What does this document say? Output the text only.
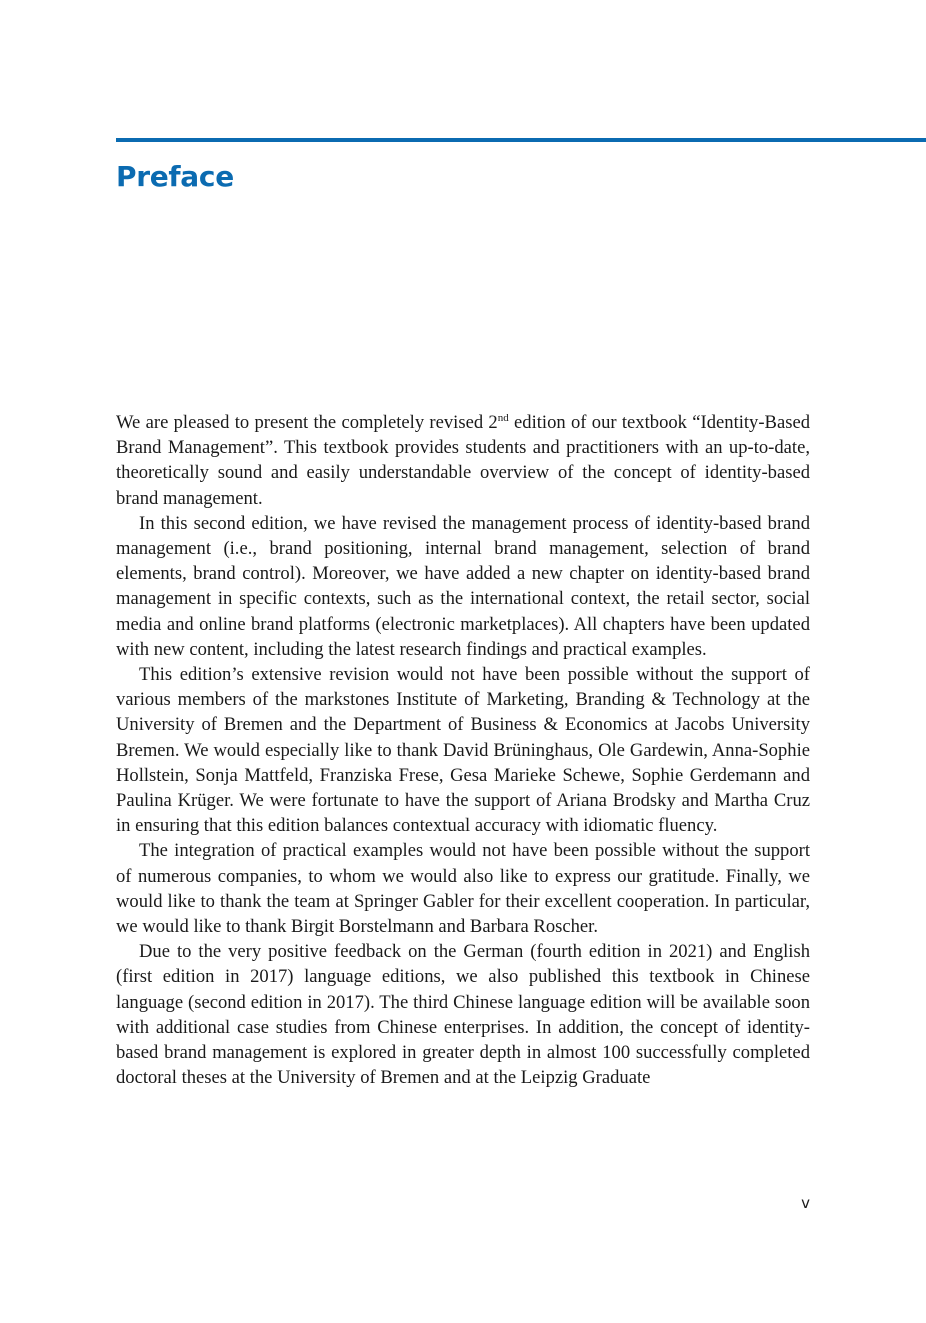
Preface

We are pleased to present the completely revised 2nd edition of our textbook “Identity-Based Brand Management”. This textbook provides students and practitioners with an up-to-date, theoretically sound and easily understandable overview of the concept of identity-based brand management.

In this second edition, we have revised the management process of identity-based brand management (i.e., brand positioning, internal brand management, selection of brand elements, brand control). Moreover, we have added a new chapter on identity-based brand management in specific contexts, such as the international context, the retail sector, social media and online brand platforms (electronic marketplaces). All chapters have been updated with new content, including the latest research findings and practical examples.

This edition’s extensive revision would not have been possible without the support of various members of the markstones Institute of Marketing, Branding & Technology at the University of Bremen and the Department of Business & Economics at Jacobs University Bremen. We would especially like to thank David Brüninghaus, Ole Gardewin, Anna-Sophie Hollstein, Sonja Mattfeld, Franziska Frese, Gesa Marieke Schewe, Sophie Gerdemann and Paulina Krüger. We were fortunate to have the support of Ariana Brodsky and Martha Cruz in ensuring that this edition balances contextual accuracy with idiomatic fluency.

The integration of practical examples would not have been possible without the support of numerous companies, to whom we would also like to express our gratitude. Finally, we would like to thank the team at Springer Gabler for their excellent cooperation. In particular, we would like to thank Birgit Borstelmann and Barbara Roscher.

Due to the very positive feedback on the German (fourth edition in 2021) and English (first edition in 2017) language editions, we also published this textbook in Chinese language (second edition in 2017). The third Chinese language edition will be available soon with additional case studies from Chinese enterprises. In addition, the concept of identity-based brand management is explored in greater depth in almost 100 successfully completed doctoral theses at the University of Bremen and at the Leipzig Graduate

v
